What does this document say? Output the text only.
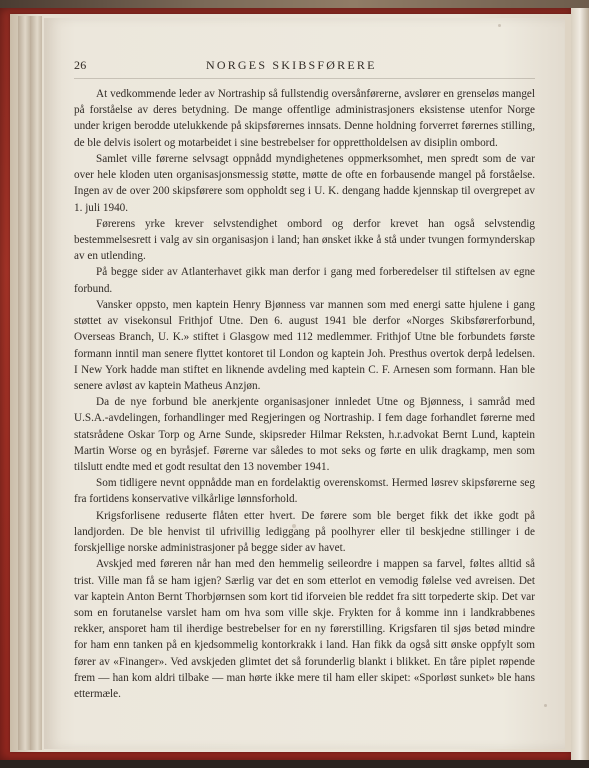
26	NORGES SKIBSFØRERE

At vedkommende leder av Nortraship så fullstendig oversånførerne, avslører en grenseløs mangel på forståelse av deres betydning. De mange offentlige administrasjoners eksistense utenfor Norge under krigen berodde utelukkende på skipsførernes innsats. Denne holdning forverret førernes stilling, de ble delvis isolert og motarbeidet i sine bestrebelser for opprettholdelsen av disiplin ombord.

Samlet ville førerne selvsagt oppnådd myndighetenes oppmerksomhet, men spredt som de var over hele kloden uten organisasjonsmessig støtte, møtte de ofte en forbausende mangel på forståelse. Ingen av de over 200 skipsførere som oppholdt seg i U. K. dengang hadde kjennskap til overgrepet av 1. juli 1940.

Førerens yrke krever selvstendighet ombord og derfor krevet han også selvstendig bestemmelsesrett i valg av sin organisasjon i land; han ønsket ikke å stå under tvungen formynderskap av en utlending.

På begge sider av Atlanterhavet gikk man derfor i gang med forberedelser til stiftelsen av egne forbund.

Vansker oppsto, men kaptein Henry Bjønness var mannen som med energi satte hjulene i gang støttet av visekonsul Frithjof Utne. Den 6. august 1941 ble derfor «Norges Skibsførerforbund, Overseas Branch, U. K.» stiftet i Glasgow med 112 medlemmer. Frithjof Utne ble forbundets første formann inntil man senere flyttet kontoret til London og kaptein Joh. Presthus overtok derpå ledelsen. I New York hadde man stiftet en liknende avdeling med kaptein C. F. Arnesen som formann. Han ble senere avløst av kaptein Matheus Anzjøn.

Da de nye forbund ble anerkjente organisasjoner innledet Utne og Bjønness, i samråd med U.S.A.-avdelingen, forhandlinger med Regjeringen og Nortraship. I fem dage forhandlet førerne med statsrådene Oskar Torp og Arne Sunde, skipsreder Hilmar Reksten, h.r.advokat Bernt Lund, kaptein Martin Worse og en byråsjef. Førerne var således to mot seks og førte en ulik dragkamp, men som tilslutt endte med et godt resultat den 13 november 1941.

Som tidligere nevnt oppnådde man en fordelaktig overenskomst. Hermed løsrev skipsførerne seg fra fortidens konservative vilkårlige lønnsforhold.

Krigsforlisene reduserte flåten etter hvert. De førere som ble berget fikk det ikke godt på landjorden. De ble henvist til ufrivillig lediggang på poolhyrer eller til beskjedne stillinger i de forskjellige norske administrasjoner på begge sider av havet.

Avskjed med føreren når han med den hemmelig seileordre i mappen sa farvel, føltes alltid så trist. Ville man få se ham igjen? Særlig var det en som etterlot en vemodig følelse ved avreisen. Det var kaptein Anton Bernt Thorbjørnsen som kort tid iforveien ble reddet fra sitt torpederte skip. Det var som en forutanelse varslet ham om hva som ville skje. Frykten for å komme inn i landkrabbenes rekker, ansporet ham til iherdige bestrebelser for en ny førerstilling. Krigsfaren til sjøs betød mindre for ham enn tanken på en kjedsommelig kontorkrakk i land. Han fikk da også sitt ønske oppfylt som fører av «Finanger». Ved avskjeden glimtet det så forunderlig blankt i blikket. En tåre piplet røpende frem — han kom aldri tilbake — man hørte ikke mere til ham eller skipet: «Sporløst sunket» ble hans ettermæle.
